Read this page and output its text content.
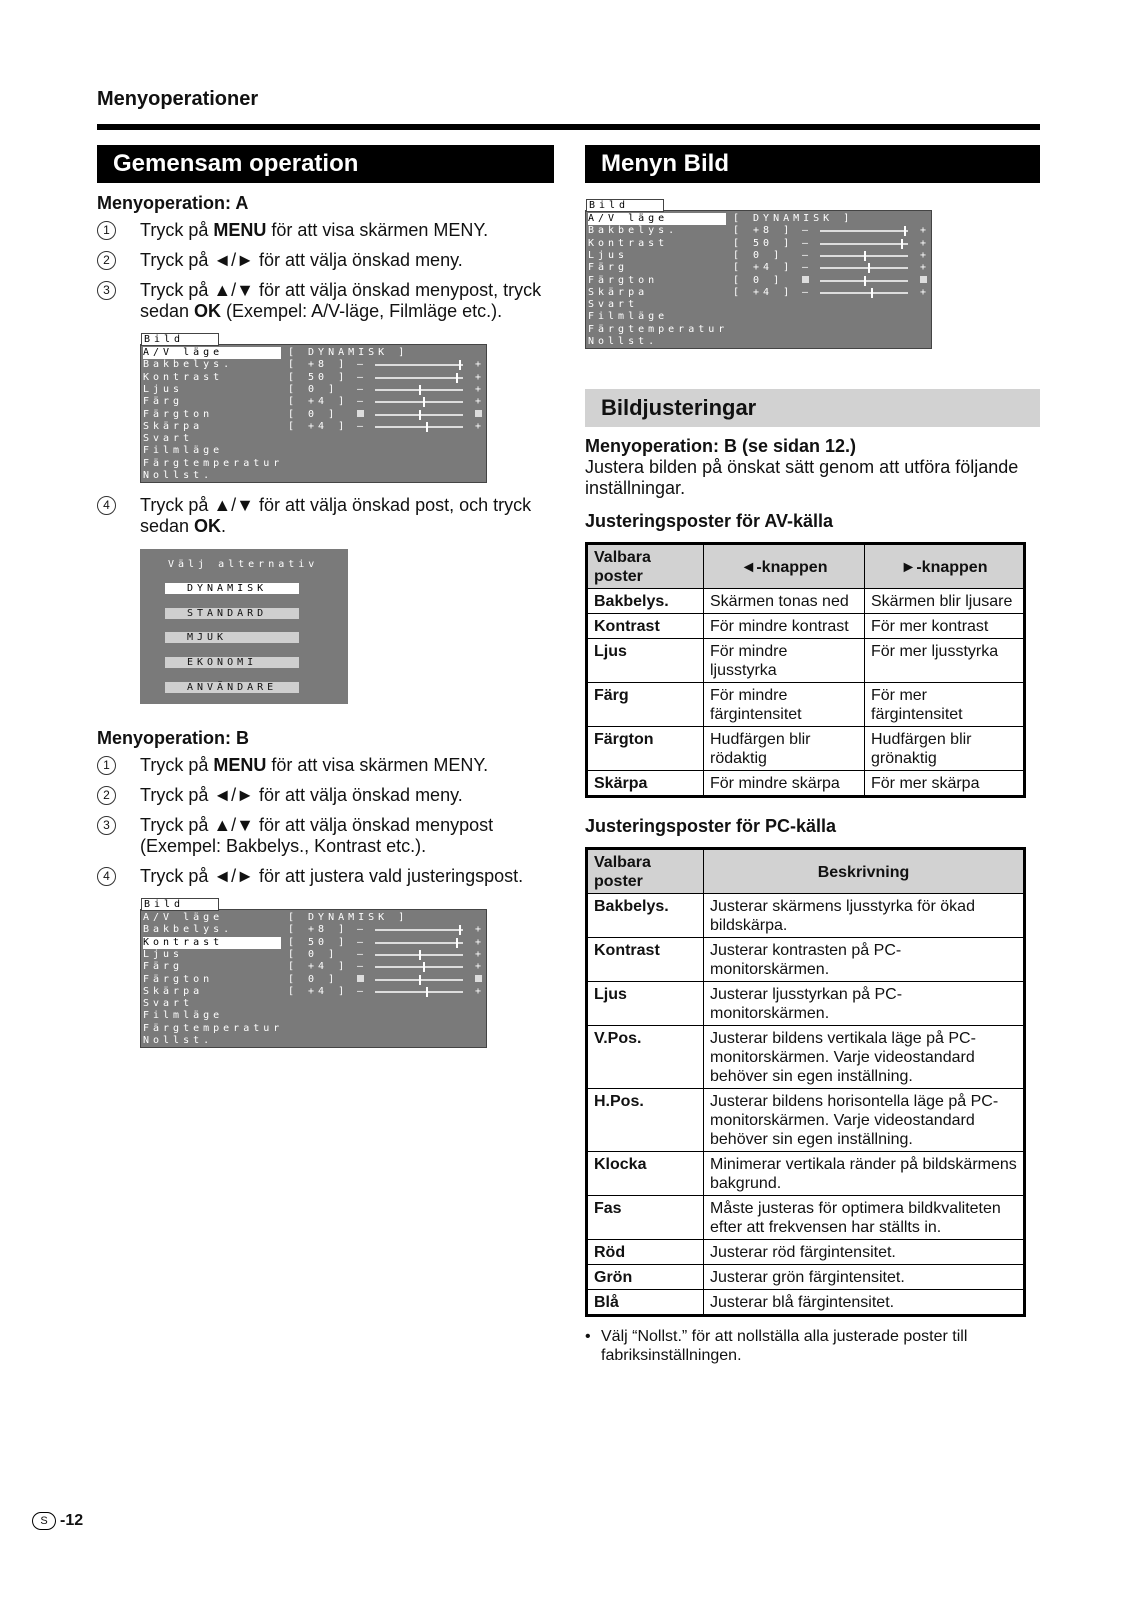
Menyoperationer
Gemensam operation
Menyoperation: A
1	Tryck på MENU för att visa skärmen MENY.
2	Tryck på ◄/► för att välja önskad meny.
3	Tryck på ▲/▼ för att välja önskad menypost, tryck sedan OK (Exempel: A/V-läge, Filmläge etc.).
Bild
A/V läge	[ DYNAMISK ]
Bakbelys.	[ +8 ] –	+
Kontrast	[ 50 ] –	+
Ljus	[ 0 ]	–	+
Färg	[ +4 ] –	+
Färgton	[ 0 ]
Skärpa	[ +4 ] –	+
Svart
Filmläge
Färgtemperatur
Nollst.
4	Tryck på ▲/▼ för att välja önskad post, och tryck sedan OK.
Välj alternativ
DYNAMISK
STANDARD
MJUK
EKONOMI
ANVÄNDARE
Menyoperation: B
1	Tryck på MENU för att visa skärmen MENY.
2	Tryck på ◄/► för att välja önskad meny.
3	Tryck på ▲/▼ för att välja önskad menypost (Exempel: Bakbelys., Kontrast etc.).
4	Tryck på ◄/► för att justera vald justeringspost.
Bild
A/V läge	[ DYNAMISK ]
Bakbelys.	[ +8 ] –	+
Kontrast	[ 50 ] –	+
Ljus	[ 0 ]	–	+
Färg	[ +4 ] –	+
Färgton	[ 0 ]
Skärpa	[ +4 ] –	+
Svart
Filmläge
Färgtemperatur
Nollst.
Menyn Bild
Bild
A/V läge	[ DYNAMISK ]
Bakbelys.	[ +8 ] –	+
Kontrast	[ 50 ] –	+
Ljus	[ 0 ]	–	+
Färg	[ +4 ] –	+
Färgton	[ 0 ]
Skärpa	[ +4 ] –	+
Svart
Filmläge
Färgtemperatur
Nollst.
Bildjusteringar
Menyoperation: B (se sidan 12.)
Justera bilden på önskat sätt genom att utföra följande inställningar.
Justeringsposter för AV-källa
Valbara poster	◄-knappen	►-knappen
Bakbelys.	Skärmen tonas ned	Skärmen blir ljusare
Kontrast	För mindre kontrast	För mer kontrast
Ljus	För mindre ljusstyrka	För mer ljusstyrka
Färg	För mindre färgintensitet	För mer färgintensitet
Färgton	Hudfärgen blir rödaktig	Hudfärgen blir grönaktig
Skärpa	För mindre skärpa	För mer skärpa
Justeringsposter för PC-källa
Valbara poster	Beskrivning
Bakbelys.	Justerar skärmens ljusstyrka för ökad bildskärpa.
Kontrast	Justerar kontrasten på PC-monitorskärmen.
Ljus	Justerar ljusstyrkan på PC-monitorskärmen.
V.Pos.	Justerar bildens vertikala läge på PC-monitorskärmen. Varje videostandard behöver sin egen inställning.
H.Pos.	Justerar bildens horisontella läge på PC-monitorskärmen. Varje videostandard behöver sin egen inställning.
Klocka	Minimerar vertikala ränder på bildskärmens bakgrund.
Fas	Måste justeras för optimera bildkvaliteten efter att frekvensen har ställts in.
Röd	Justerar röd färgintensitet.
Grön	Justerar grön färgintensitet.
Blå	Justerar blå färgintensitet.
• Välj “Nollst.” för att nollställa alla justerade poster till fabriksinställningen.
S -12
